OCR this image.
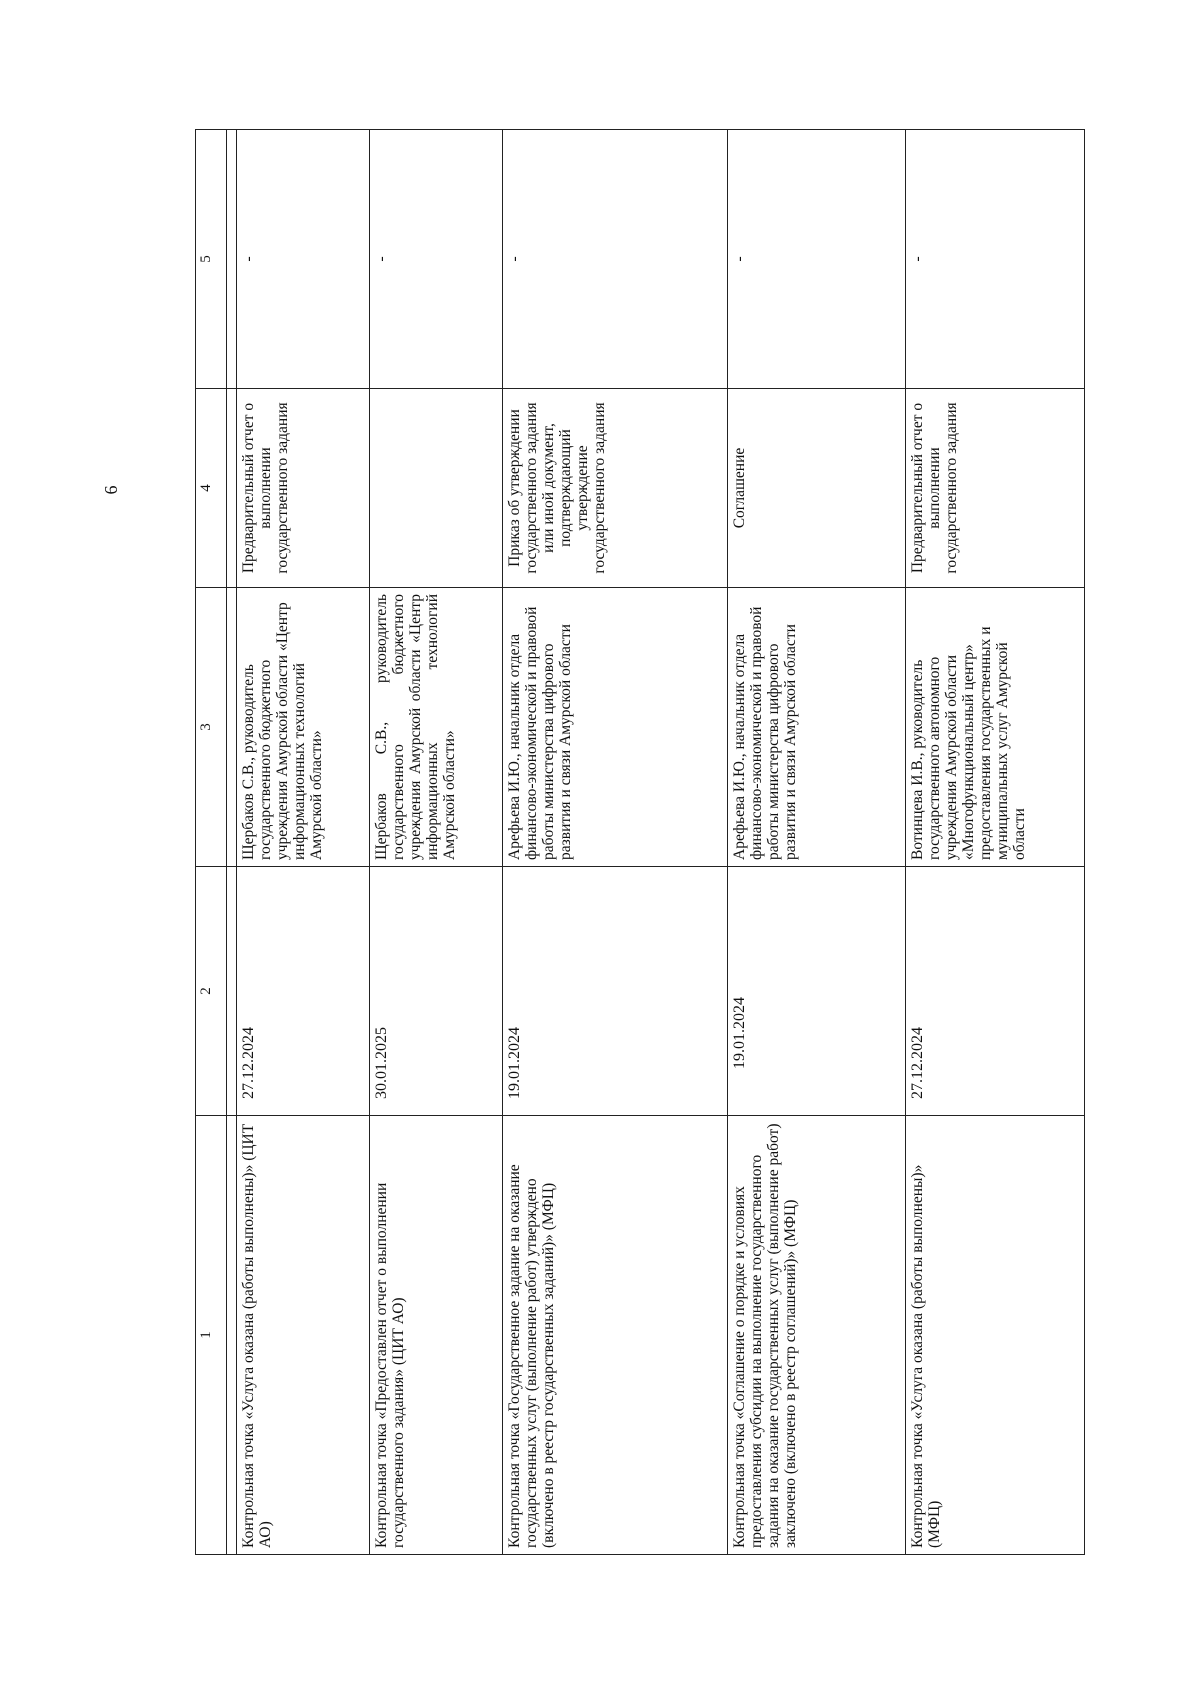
6
1	2	3	4	5

Контрольная точка «Услуга оказана (работы выполнены)» (ЦИТ АО)	27.12.2024	Щербаков С.В., руководитель государственного бюджетного учреждения Амурской области «Центр информационных технологий Амурской области»	Предварительный отчет о выполнении государственного задания	-

Контрольная точка «Предоставлен отчет о выполнении государственного задания» (ЦИТ АО)	30.01.2025	Щербаков С.В., руководитель государственного бюджетного учреждения Амурской области «Центр информационных технологий Амурской области»		-

Контрольная точка «Государственное задание на оказание государственных услуг (выполнение работ) утверждено (включено в реестр государственных заданий)» (МФЦ)	19.01.2024	Арефьева И.Ю., начальник отдела финансово-экономической и правовой работы министерства цифрового развития и связи Амурской области	Приказ об утверждении государственного задания или иной документ, подтверждающий утверждение государственного задания	-

Контрольная точка «Соглашение о порядке и условиях предоставления субсидии на выполнение государственного задания на оказание государственных услуг (выполнение работ) заключено (включено в реестр соглашений)» (МФЦ)	19.01.2024	Арефьева И.Ю., начальник отдела финансово-экономической и правовой работы министерства цифрового развития и связи Амурской области	Соглашение	-

Контрольная точка «Услуга оказана (работы выполнены)» (МФЦ)	27.12.2024	Вотинцева И.В., руководитель государственного автономного учреждения Амурской области «Многофункциональный центр» предоставления государственных и муниципальных услуг Амурской области	Предварительный отчет о выполнении государственного задания	-
